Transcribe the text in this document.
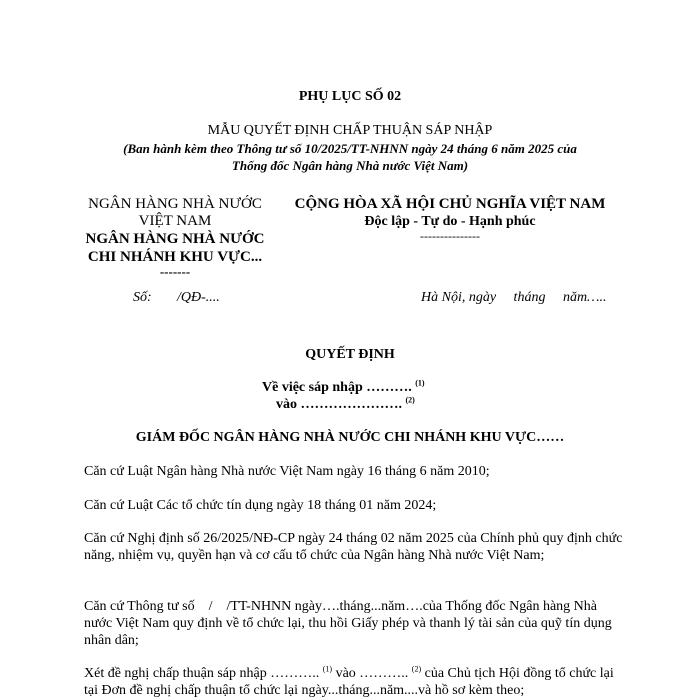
PHỤ LỤC SỐ 02
MẪU QUYẾT ĐỊNH CHẤP THUẬN SÁP NHẬP
(Ban hành kèm theo Thông tư số 10/2025/TT-NHNN ngày 24 tháng 6 năm 2025 của
Thống đốc Ngân hàng Nhà nước Việt Nam)
NGÂN HÀNG NHÀ NƯỚC
VIỆT NAM
NGÂN HÀNG NHÀ NƯỚC
CHI NHÁNH KHU VỰC...
-------
Số: /QĐ-....
CỘNG HÒA XÃ HỘI CHỦ NGHĨA VIỆT NAM
Độc lập - Tự do - Hạnh phúc
---------------
Hà Nội, ngày     tháng     năm…..
QUYẾT ĐỊNH
Về việc sáp nhập ………. $^{(1)}$
vào …………………. $^{(2)}$
GIÁM ĐỐC NGÂN HÀNG NHÀ NƯỚC CHI NHÁNH KHU VỰC……
Căn cứ Luật Ngân hàng Nhà nước Việt Nam ngày 16 tháng 6 năm 2010;
Căn cứ Luật Các tổ chức tín dụng ngày 18 tháng 01 năm 2024;
Căn cứ Nghị định số 26/2025/NĐ-CP ngày 24 tháng 02 năm 2025 của Chính phủ quy định chức năng, nhiệm vụ, quyền hạn và cơ cấu tổ chức của Ngân hàng Nhà nước Việt Nam;
Căn cứ Thông tư số    /    /TT-NHNN ngày….tháng...năm….của Thống đốc Ngân hàng Nhà nước Việt Nam quy định về tổ chức lại, thu hồi Giấy phép và thanh lý tài sản của quỹ tín dụng nhân dân;
Xét đề nghị chấp thuận sáp nhập ……….. $^{(1)}$ vào ……….. $^{(2)}$ của Chủ tịch Hội đồng tổ chức lại tại Đơn đề nghị chấp thuận tổ chức lại ngày...tháng...năm....và hồ sơ kèm theo;
